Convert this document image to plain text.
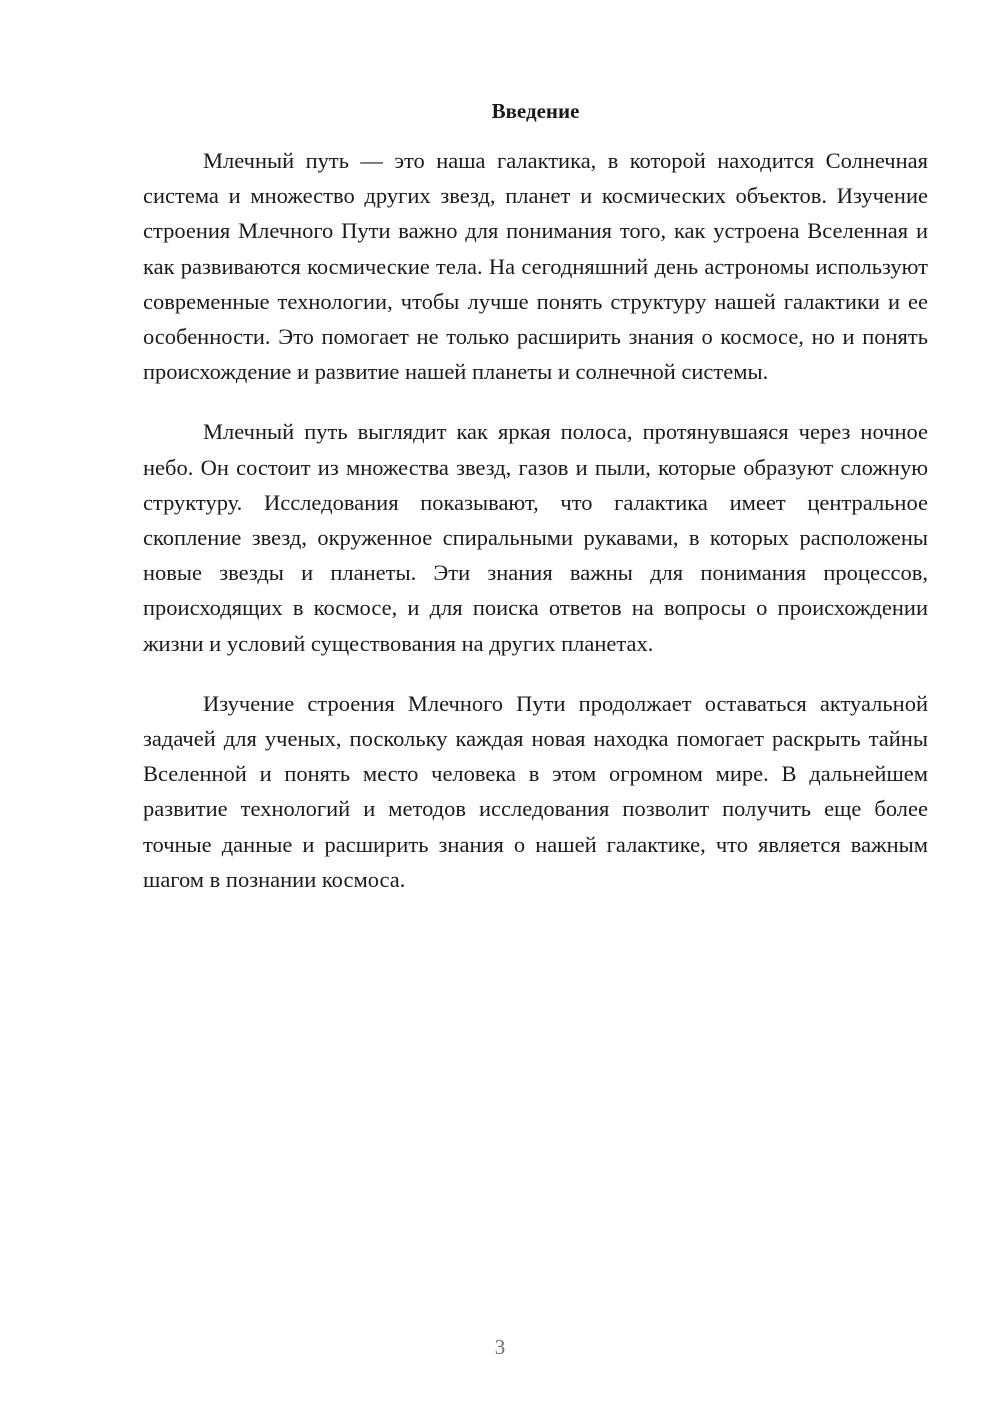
Введение

Млечный путь — это наша галактика, в которой находится Солнечная система и множество других звезд, планет и космических объектов. Изучение строения Млечного Пути важно для понимания того, как устроена Вселенная и как развиваются космические тела. На сегодняшний день астрономы используют современные технологии, чтобы лучше понять структуру нашей галактики и ее особенности. Это помогает не только расширить знания о космосе, но и понять происхождение и развитие нашей планеты и солнечной системы.

Млечный путь выглядит как яркая полоса, протянувшаяся через ночное небо. Он состоит из множества звезд, газов и пыли, которые образуют сложную структуру. Исследования показывают, что галактика имеет центральное скопление звезд, окруженное спиральными рукавами, в которых расположены новые звезды и планеты. Эти знания важны для понимания процессов, происходящих в космосе, и для поиска ответов на вопросы о происхождении жизни и условий существования на других планетах.

Изучение строения Млечного Пути продолжает оставаться актуальной задачей для ученых, поскольку каждая новая находка помогает раскрыть тайны Вселенной и понять место человека в этом огромном мире. В дальнейшем развитие технологий и методов исследования позволит получить еще более точные данные и расширить знания о нашей галактике, что является важным шагом в познании космоса.

3
